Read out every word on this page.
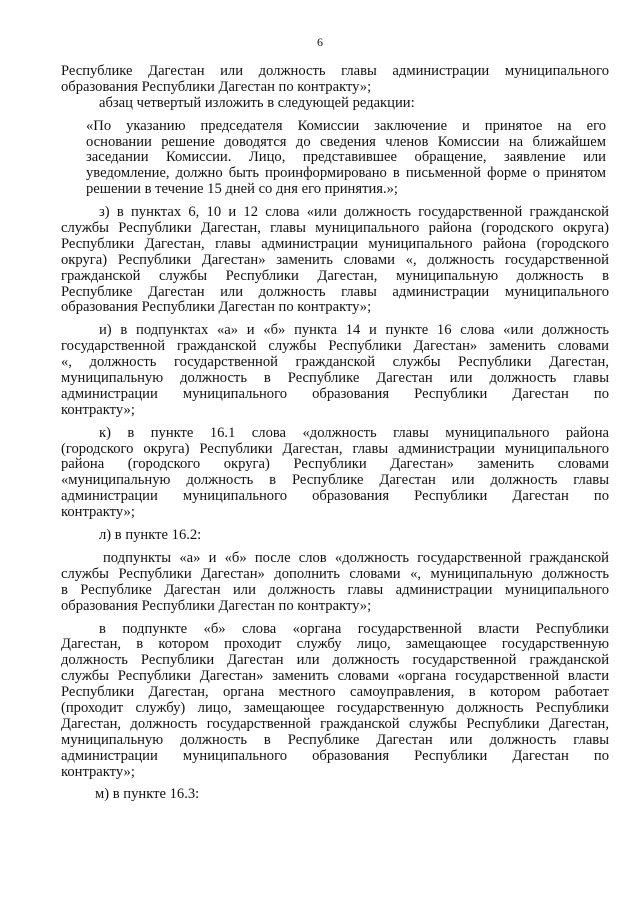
6
Республике Дагестан или должность главы администрации муниципального
образования Республики Дагестан по контракту»;
абзац четвертый изложить в следующей редакции:
«По указанию председателя Комиссии заключение и принятое на его
основании решение доводятся до сведения членов Комиссии на ближайшем
заседании Комиссии. Лицо, представившее обращение, заявление или
уведомление, должно быть проинформировано в письменной форме о принятом
решении в течение 15 дней со дня его принятия.»;
з) в пунктах 6, 10 и 12 слова «или должность государственной гражданской
службы Республики Дагестан, главы муниципального района (городского округа)
Республики Дагестан, главы администрации муниципального района (городского
округа) Республики Дагестан» заменить словами «, должность государственной
гражданской службы Республики Дагестан, муниципальную должность в
Республике Дагестан или должность главы администрации муниципального
образования Республики Дагестан по контракту»;
и) в подпунктах «а» и «б» пункта 14 и пункте 16 слова «или должность
государственной гражданской службы Республики Дагестан» заменить словами
«, должность государственной гражданской службы Республики Дагестан,
муниципальную должность в Республике Дагестан или должность главы
администрации муниципального образования Республики Дагестан по
контракту»;
к) в пункте 16.1 слова «должность главы муниципального района
(городского округа) Республики Дагестан, главы администрации муниципального
района (городского округа) Республики Дагестан» заменить словами
«муниципальную должность в Республике Дагестан или должность главы
администрации муниципального образования Республики Дагестан по
контракту»;
л) в пункте 16.2:
подпункты «а» и «б» после слов «должность государственной гражданской
службы Республики Дагестан» дополнить словами «, муниципальную должность
в Республике Дагестан или должность главы администрации муниципального
образования Республики Дагестан по контракту»;
в подпункте «б» слова «органа государственной власти Республики
Дагестан, в котором проходит службу лицо, замещающее государственную
должность Республики Дагестан или должность государственной гражданской
службы Республики Дагестан» заменить словами «органа государственной власти
Республики Дагестан, органа местного самоуправления, в котором работает
(проходит службу) лицо, замещающее государственную должность Республики
Дагестан, должность государственной гражданской службы Республики Дагестан,
муниципальную должность в Республике Дагестан или должность главы
администрации муниципального образования Республики Дагестан по
контракту»;
м) в пункте 16.3:
